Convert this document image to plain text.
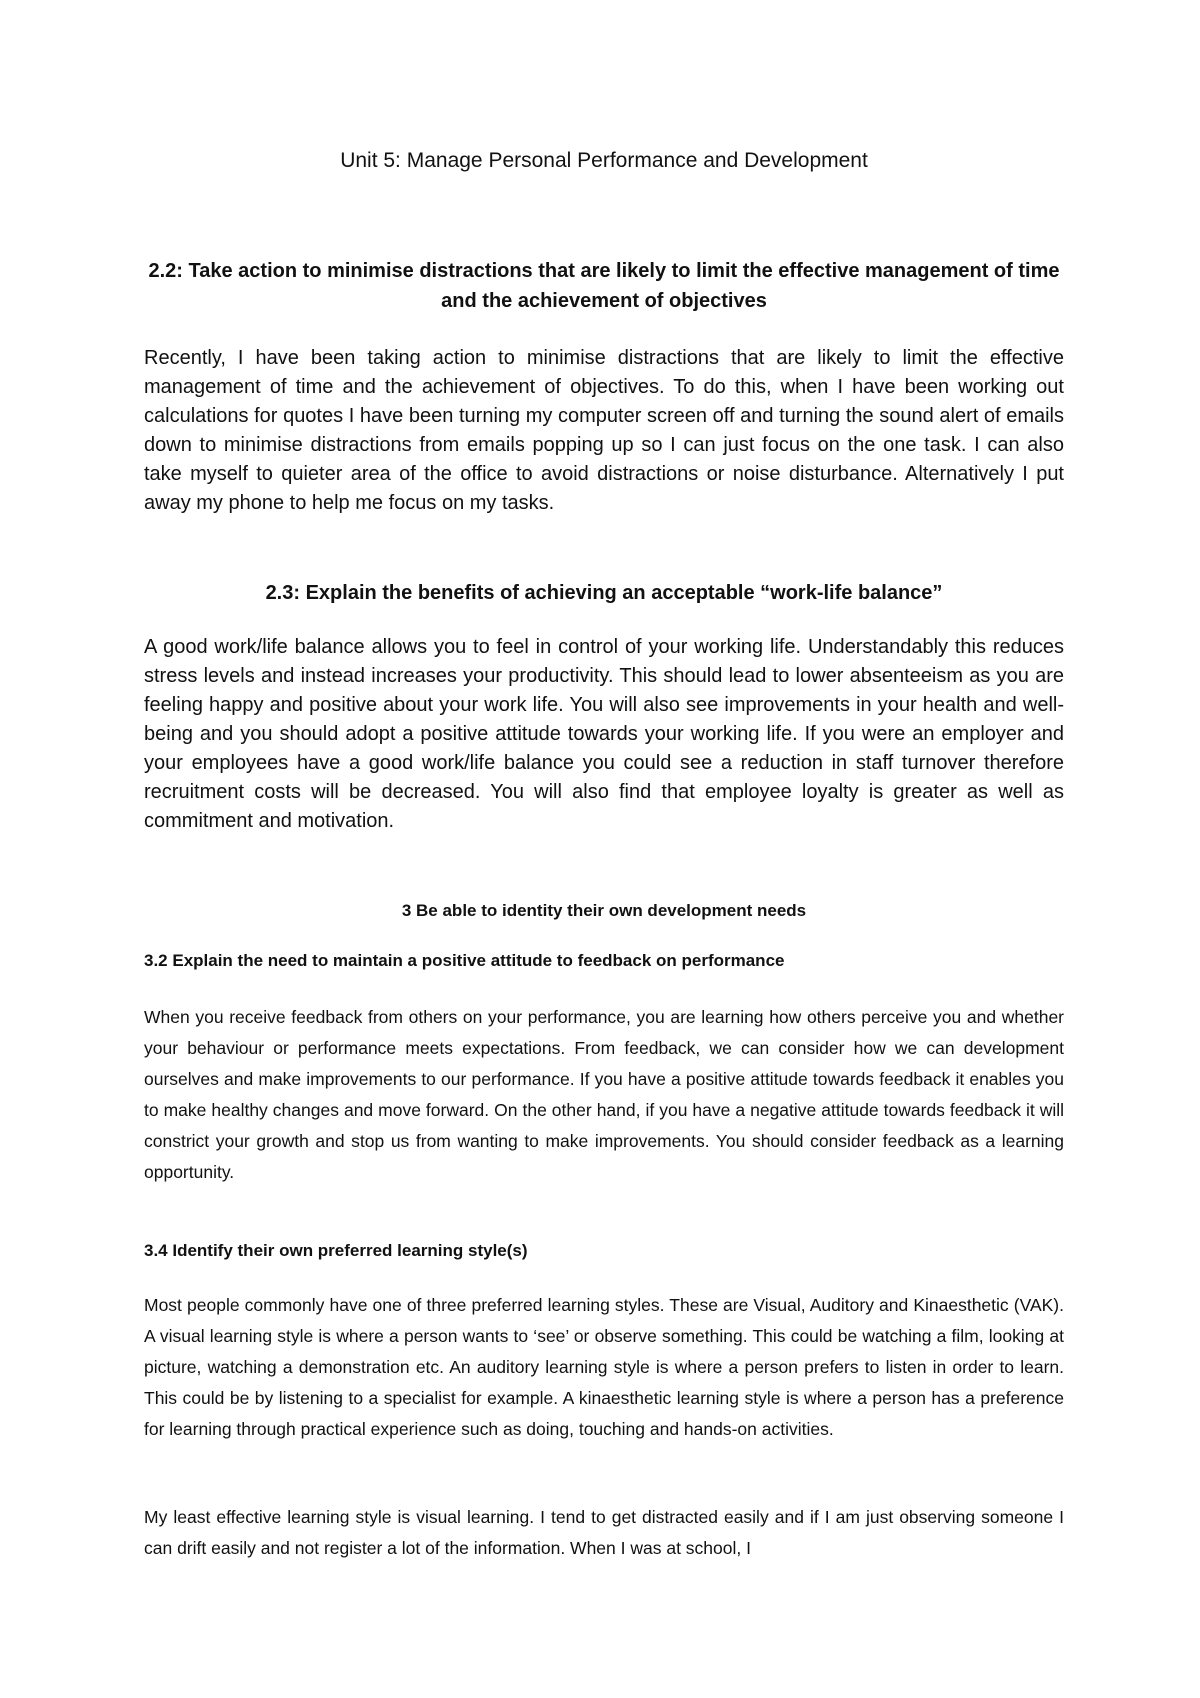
Unit 5: Manage Personal Performance and Development
2.2: Take action to minimise distractions that are likely to limit the effective management of time and the achievement of objectives

Recently, I have been taking action to minimise distractions that are likely to limit the effective management of time and the achievement of objectives. To do this, when I have been working out calculations for quotes I have been turning my computer screen off and turning the sound alert of emails down to minimise distractions from emails popping up so I can just focus on the one task. I can also take myself to quieter area of the office to avoid distractions or noise disturbance. Alternatively I put away my phone to help me focus on my tasks.

2.3: Explain the benefits of achieving an acceptable “work-life balance”

A good work/life balance allows you to feel in control of your working life. Understandably this reduces stress levels and instead increases your productivity. This should lead to lower absenteeism as you are feeling happy and positive about your work life. You will also see improvements in your health and well-being and you should adopt a positive attitude towards your working life. If you were an employer and your employees have a good work/life balance you could see a reduction in staff turnover therefore recruitment costs will be decreased. You will also find that employee loyalty is greater as well as commitment and motivation.

3 Be able to identity their own development needs
3.2 Explain the need to maintain a positive attitude to feedback on performance

When you receive feedback from others on your performance, you are learning how others perceive you and whether your behaviour or performance meets expectations. From feedback, we can consider how we can development ourselves and make improvements to our performance. If you have a positive attitude towards feedback it enables you to make healthy changes and move forward. On the other hand, if you have a negative attitude towards feedback it will constrict your growth and stop us from wanting to make improvements. You should consider feedback as a learning opportunity.

3.4 Identify their own preferred learning style(s)

Most people commonly have one of three preferred learning styles. These are Visual, Auditory and Kinaesthetic (VAK). A visual learning style is where a person wants to ‘see’ or observe something. This could be watching a film, looking at picture, watching a demonstration etc. An auditory learning style is where a person prefers to listen in order to learn. This could be by listening to a specialist for example. A kinaesthetic learning style is where a person has a preference for learning through practical experience such as doing, touching and hands-on activities.

My least effective learning style is visual learning. I tend to get distracted easily and if I am just observing someone I can drift easily and not register a lot of the information. When I was at school, I
